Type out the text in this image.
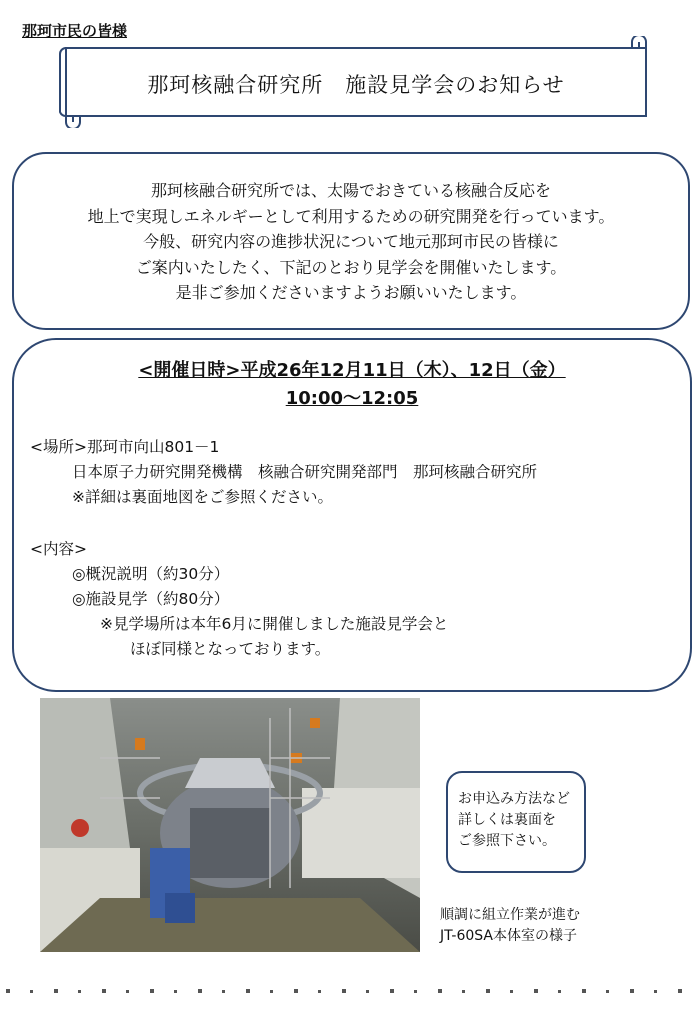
那珂市民の皆様
那珂核融合研究所　施設見学会のお知らせ
那珂核融合研究所では、太陽でおきている核融合反応を
地上で実現しエネルギーとして利用するための研究開発を行っています。
今般、研究内容の進捗状況について地元那珂市民の皆様に
ご案内いたしたく、下記のとおり見学会を開催いたします。
是非ご参加くださいますようお願いいたします。
<開催日時>平成26年12月11日（木）、12日（金）
10:00～12:05
<場所>那珂市向山801－1
日本原子力研究開発機構　核融合研究開発部門　那珂核融合研究所
※詳細は裏面地図をご参照ください。
<内容>
◎概況説明（約30分）
◎施設見学（約80分）
※見学場所は本年6月に開催しました施設見学会と
ほぼ同様となっております。
お申込み方法など
詳しくは裏面を
ご参照下さい。
順調に組立作業が進む
JT-60SA本体室の様子
